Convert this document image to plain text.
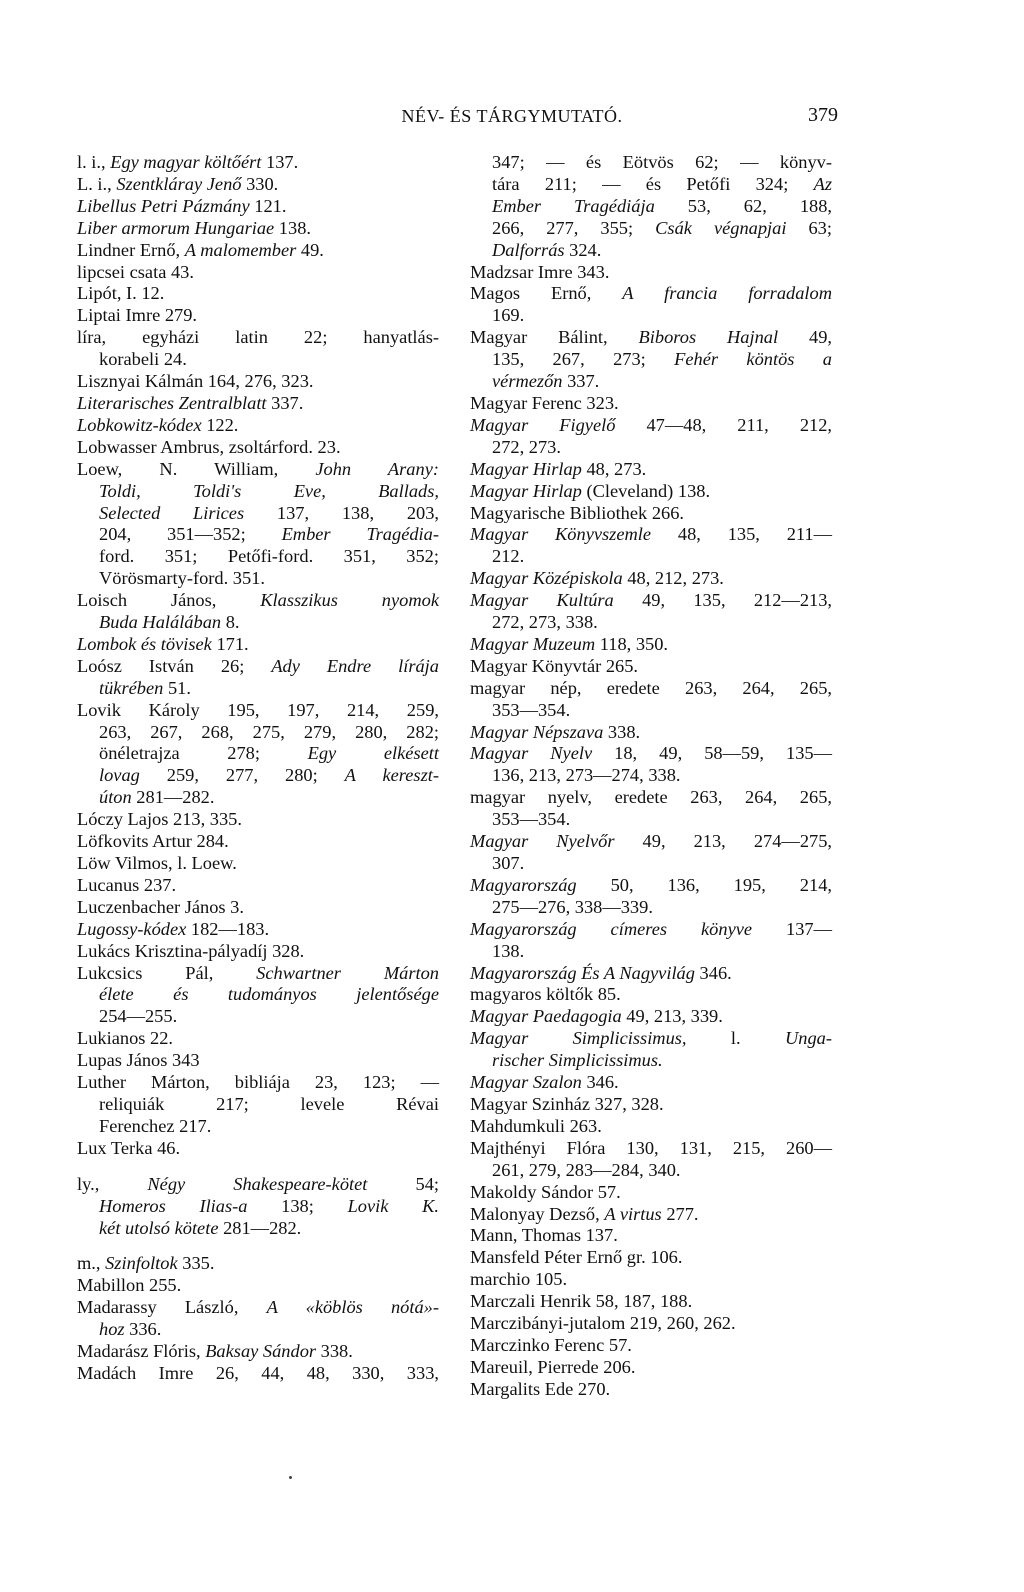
NÉV- ÉS TÁRGYMUTATÓ.	379
l. i., Egy magyar költőért 137.
L. i., Szentkláray Jenő 330.
Libellus Petri Pázmány 121.
Liber armorum Hungariae 138.
Lindner Ernő, A malomember 49.
lipcsei csata 43.
Lipót, I. 12.
Liptai Imre 279.
líra, egyházi latin 22; hanyatlás-
korabeli 24.
Lisznyai Kálmán 164, 276, 323.
Literarisches Zentralblatt 337.
Lobkowitz-kódex 122.
Lobwasser Ambrus, zsoltárford. 23.
Loew, N. William, John Arany:
Toldi, Toldi's Eve, Ballads,
Selected Lirices 137, 138, 203,
204, 351—352; Ember Tragédia-
ford. 351; Petőfi-ford. 351, 352;
Vörösmarty-ford. 351.
Loisch János, Klasszikus nyomok
Buda Halálában 8.
Lombok és tövisek 171.
Loósz István 26; Ady Endre lírája
tükrében 51.
Lovik Károly 195, 197, 214, 259,
263, 267, 268, 275, 279, 280, 282;
önéletrajza 278; Egy elkésett
lovag 259, 277, 280; A kereszt-
úton 281—282.
Lóczy Lajos 213, 335.
Löfkovits Artur 284.
Löw Vilmos, l. Loew.
Lucanus 237.
Luczenbacher János 3.
Lugossy-kódex 182—183.
Lukács Krisztina-pályadíj 328.
Lukcsics Pál, Schwartner Márton
élete és tudományos jelentősége
254—255.
Lukianos 22.
Lupas János 343
Luther Márton, bibliája 23, 123; —
reliquiák 217; levele Révai
Ferenchez 217.
Lux Terka 46.
ly., Négy Shakespeare-kötet 54;
Homeros Ilias-a 138; Lovik K.
két utolsó kötete 281—282.
m., Szinfoltok 335.
Mabillon 255.
Madarassy László, A «köblös nótá»-
hoz 336.
Madarász Flóris, Baksay Sándor 338.
Madách Imre 26, 44, 48, 330, 333,
347; — és Eötvös 62; — könyv-
tára 211; — és Petőfi 324; Az
Ember Tragédiája 53, 62, 188,
266, 277, 355; Csák végnapjai 63;
Dalforrás 324.
Madzsar Imre 343.
Magos Ernő, A francia forradalom
169.
Magyar Bálint, Biboros Hajnal 49,
135, 267, 273; Fehér köntös a
vérmezőn 337.
Magyar Ferenc 323.
Magyar Figyelő 47—48, 211, 212,
272, 273.
Magyar Hirlap 48, 273.
Magyar Hirlap (Cleveland) 138.
Magyarische Bibliothek 266.
Magyar Könyvszemle 48, 135, 211—
212.
Magyar Középiskola 48, 212, 273.
Magyar Kultúra 49, 135, 212—213,
272, 273, 338.
Magyar Muzeum 118, 350.
Magyar Könyvtár 265.
magyar nép, eredete 263, 264, 265,
353—354.
Magyar Népszava 338.
Magyar Nyelv 18, 49, 58—59, 135—
136, 213, 273—274, 338.
magyar nyelv, eredete 263, 264, 265,
353—354.
Magyar Nyelvőr 49, 213, 274—275,
307.
Magyarország 50, 136, 195, 214,
275—276, 338—339.
Magyarország címeres könyve 137—
138.
Magyarország És A Nagyvilág 346.
magyaros költők 85.
Magyar Paedagogia 49, 213, 339.
Magyar Simplicissimus, l. Unga-
rischer Simplicissimus.
Magyar Szalon 346.
Magyar Szinház 327, 328.
Mahdumkuli 263.
Majthényi Flóra 130, 131, 215, 260—
261, 279, 283—284, 340.
Makoldy Sándor 57.
Malonyay Dezső, A virtus 277.
Mann, Thomas 137.
Mansfeld Péter Ernő gr. 106.
marchio 105.
Marczali Henrik 58, 187, 188.
Marczibányi-jutalom 219, 260, 262.
Marczinko Ferenc 57.
Mareuil, Pierrede 206.
Margalits Ede 270.
